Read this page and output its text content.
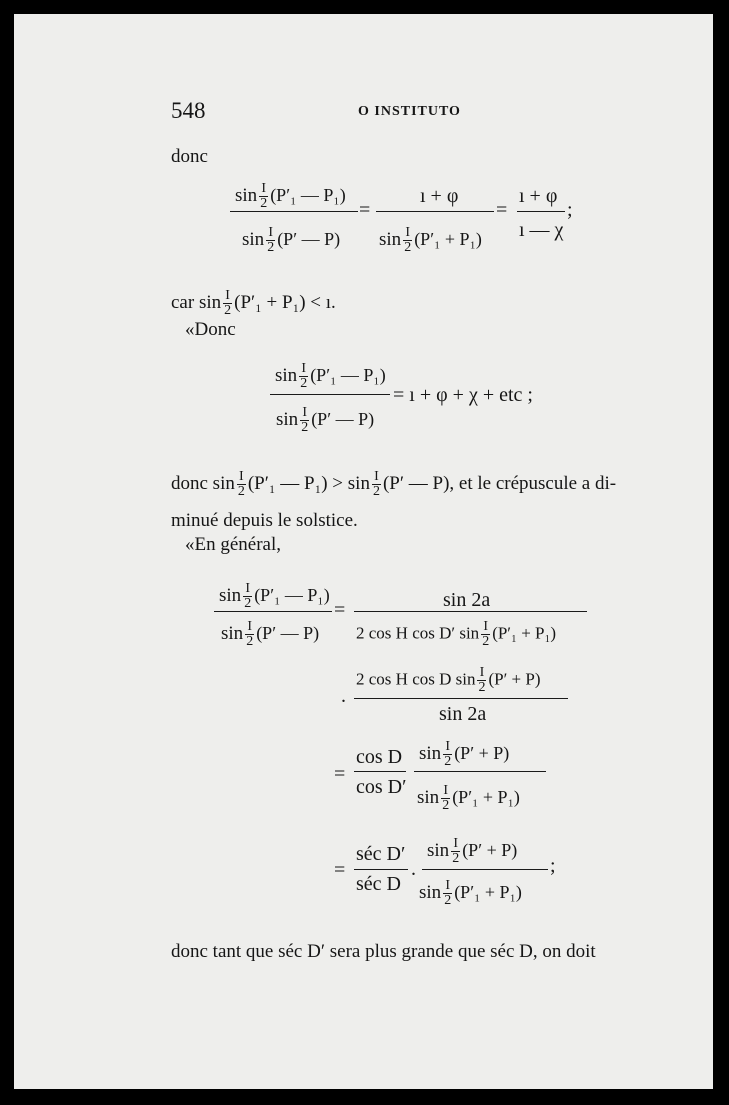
548	O INSTITUTO
donc
$\sin \frac{I}{2} (P'_1$ — P₁)
$\sin \frac{I}{2} (P'$ — P)
=
ı + φ
$\sin \frac{I}{2} (P'_1 + P_1)$
=
ı + φ
ı — χ
;
car $\sin \frac{I}{2} (P'_1 + P_1)$ < ı.
«Donc
$\sin \frac{I}{2} (P'_1$ — P₁)
$\sin \frac{I}{2} (P'$ — P)
= ı + φ + χ + etc ;
donc $\sin \frac{I}{2} (P'_1$ — $P_1) > \sin \frac{I}{2} (P'$ — P), et le crépuscule a di-
minué depuis le solstice.
«En général,
$\sin \frac{I}{2} (P'_1$ — P₁)
$\sin \frac{I}{2} (P'$ — P)
=	sin 2a
2 cos H cos D′ $\sin \frac{I}{2} (P'_1 + P_1)$
2 cos H cos D $\sin \frac{I}{2} (P' + P)$
.
sin 2a
=
cos D
cos D′
$\sin \frac{I}{2} (P' + P)$
$\sin \frac{I}{2} (P'_1 + P_1)$
=
séc D′
séc D
.
$\sin \frac{I}{2} (P' + P)$
$\sin \frac{I}{2} (P'_1 + P_1)$
;
donc tant que séc D′ sera plus grande que séc D, on doit
